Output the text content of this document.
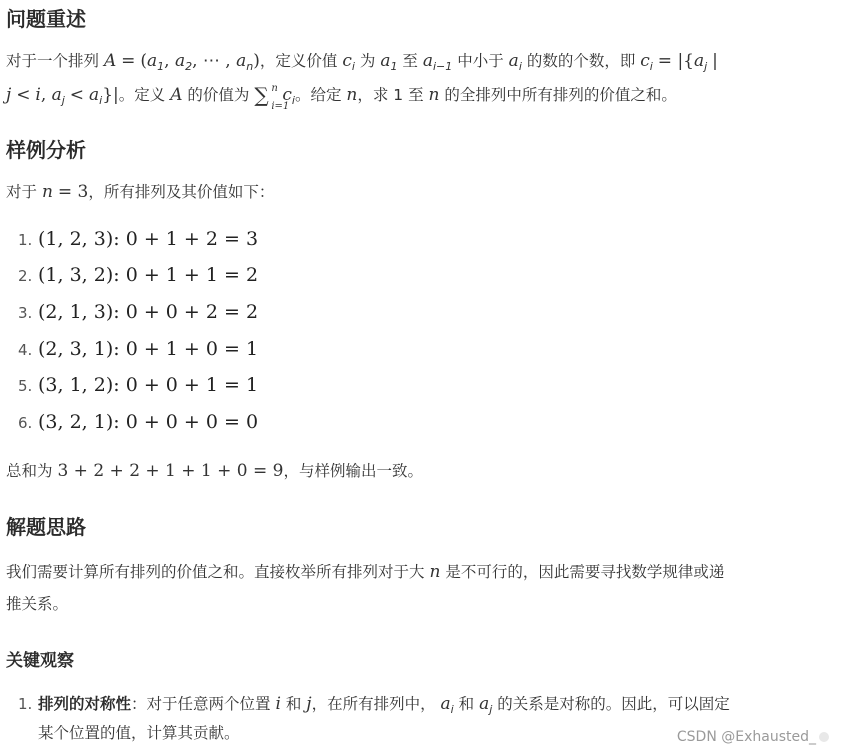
问题重述
对于一个排列 $A = (a_1$, $a_2$, ⋯ , $a_n$)，定义价值 $c_i$ 为 $a_1$ 至 $a_{i-1}$ 中小于 $a_i$ 的数的个数，即 $c_i = |\{a_j$ |
j < i, $a_j < a_i\}|$。定义 A 的价值为 ∑ n
i=1
$c_i$。给定 n，求 1 至 n 的全排列中所有排列的价值之和。
样例分析
对于 n = 3，所有排列及其价值如下：
1. (1, 2, 3): 0 + 1 + 2 = 3
2. (1, 3, 2): 0 + 1 + 1 = 2
3. (2, 1, 3): 0 + 0 + 2 = 2
4. (2, 3, 1): 0 + 1 + 0 = 1
5. (3, 1, 2): 0 + 0 + 1 = 1
6. (3, 2, 1): 0 + 0 + 0 = 0
总和为 3 + 2 + 2 + 1 + 1 + 0 = 9，与样例输出一致。
解题思路
我们需要计算所有排列的价值之和。直接枚举所有排列对于大 n 是不可行的，因此需要寻找数学规律或递
推关系。
关键观察
1. 排列的对称性：对于任意两个位置 i 和 j，在所有排列中， $a_i$ 和 $a_j$ 的关系是对称的。因此，可以固定
某个位置的值，计算其贡献。	CSDN @Exhausted_
